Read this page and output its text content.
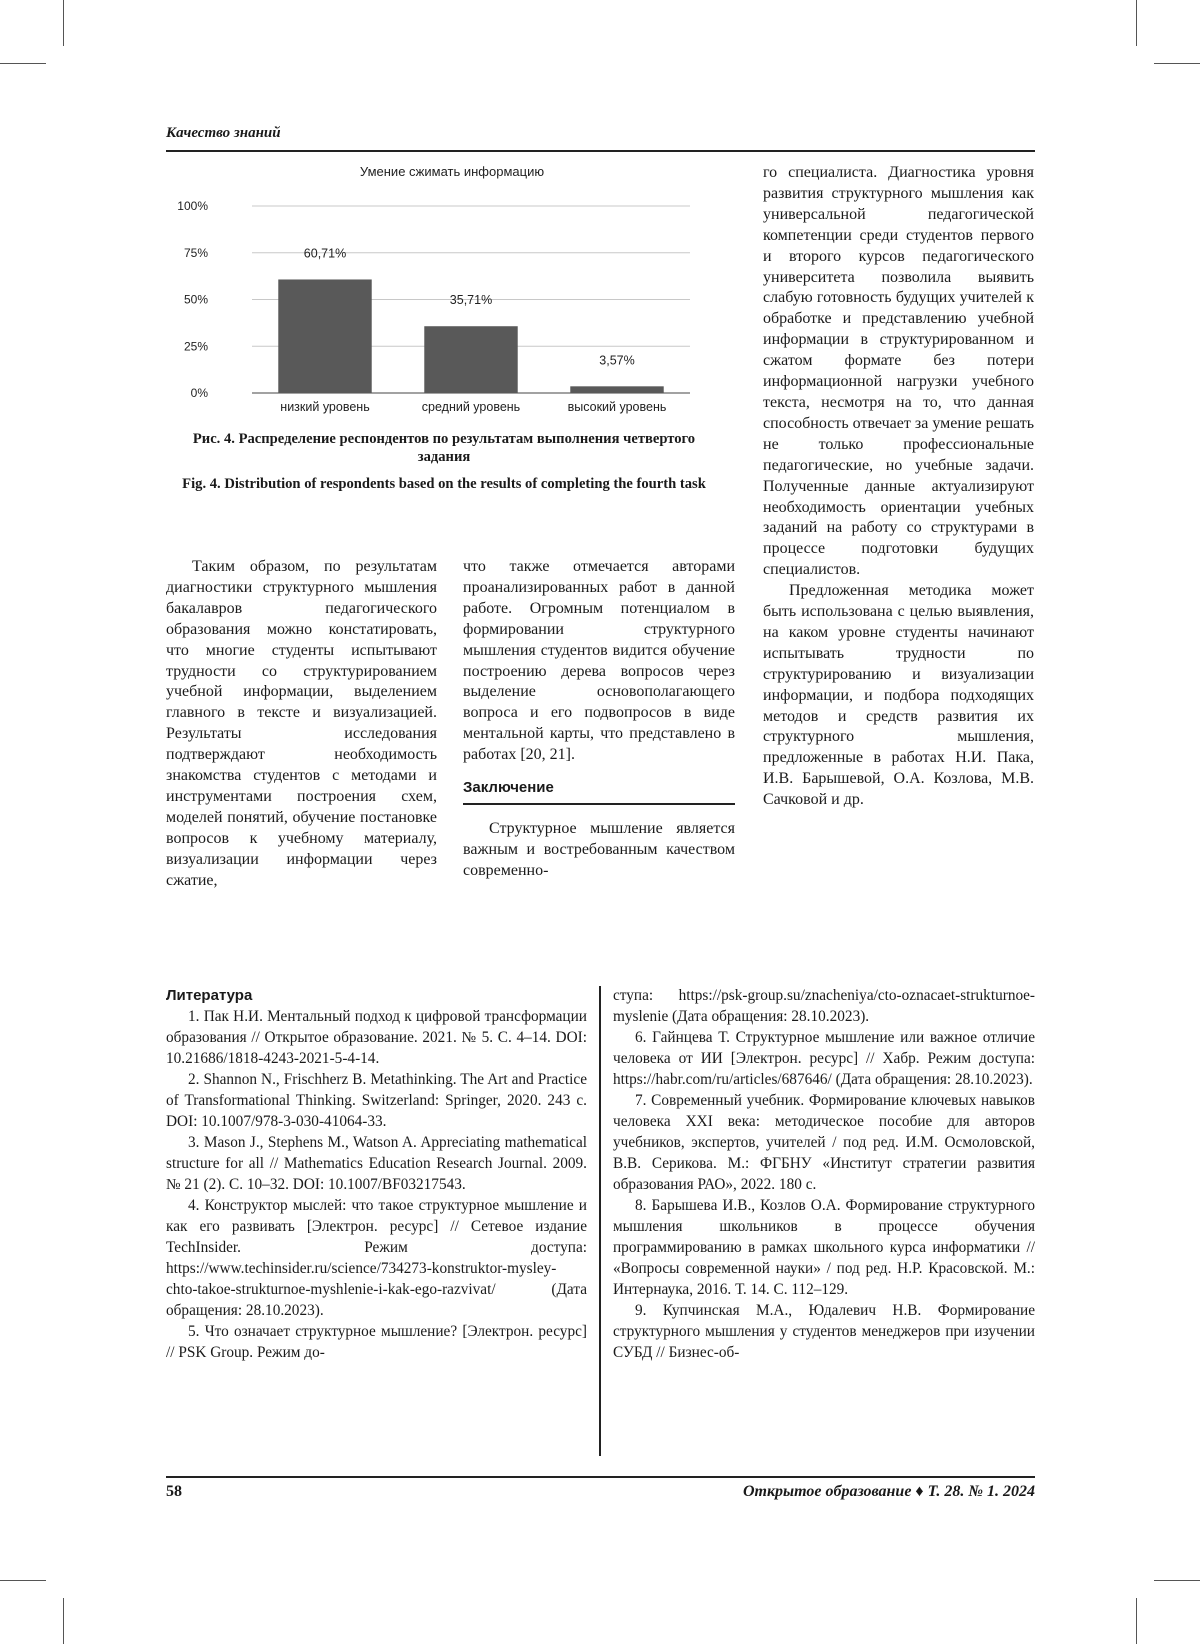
Качество знаний
Умение сжимать информацию
0%
25%
50%
75%
100%
60,71%
низкий уровень
35,71%
средний уровень
3,57%
высокий уровень
Рис. 4. Распределение респондентов по результатам выполнения четвертого задания
Fig. 4. Distribution of respondents based on the results of completing the fourth task

Таким образом, по результатам диагностики структурного мышления бакалавров педагогического образования можно констатировать, что многие студенты испытывают трудности со структурированием учебной информации, выделением главного в тексте и визуализацией. Результаты исследования подтверждают необходимость знакомства студентов с методами и инструментами построения схем, моделей понятий, обучение постановке вопросов к учебному материалу, визуализации информации через сжатие,

что также отмечается авторами проанализированных работ в данной работе. Огромным потенциалом в формировании структурного мышления студентов видится обучение построению дерева вопросов через выделение основополагающего вопроса и его подвопросов в виде ментальной карты, что представлено в работах [20, 21].

Заключение

Структурное мышление является важным и востребованным качеством современно-

го специалиста. Диагностика уровня развития структурного мышления как универсальной педагогической компетенции среди студентов первого и второго курсов педагогического университета позволила выявить слабую готовность будущих учителей к обработке и представлению учебной информации в структурированном и сжатом формате без потери информационной нагрузки учебного текста, несмотря на то, что данная способность отвечает за умение решать не только профессиональные педагогические, но учебные задачи. Полученные данные актуализируют необходимость ориентации учебных заданий на работу со структурами в процессе подготовки будущих специалистов.

Предложенная методика может быть использована с целью выявления, на каком уровне студенты начинают испытывать трудности по структурированию и визуализации информации, и подбора подходящих методов и средств развития их структурного мышления, предложенные в работах Н.И. Пака, И.В. Барышевой, О.А. Козлова, М.В. Сачковой и др.

Литература

1. Пак Н.И. Ментальный подход к цифровой трансформации образования // Открытое образование. 2021. № 5. С. 4–14. DOI: 10.21686/1818-4243-2021-5-4-14.

2. Shannon N., Frischherz B. Metathinking. The Art and Practice of Transformational Thinking. Switzerland: Springer, 2020. 243 c. DOI: 10.1007/978-3-030-41064-33.

3. Mason J., Stephens M., Watson A. Appreciating mathematical structure for all // Mathematics Education Research Journal. 2009. № 21 (2). С. 10–32. DOI: 10.1007/BF03217543.

4. Конструктор мыслей: что такое структурное мышление и как его развивать [Электрон. ресурс] // Сетевое издание TechInsider. Режим доступа: https://www.techinsider.ru/science/734273-konstruktor-mysley-chto-takoe-strukturnoe-myshlenie-i-kak-ego-razvivat/ (Дата обращения: 28.10.2023).

5. Что означает структурное мышление? [Электрон. ресурс] // PSK Group. Режим до-

ступа: https://psk-group.su/znacheniya/cto-oznacaet-strukturnoe-myslenie (Дата обращения: 28.10.2023).

6. Гайнцева Т. Структурное мышление или важное отличие человека от ИИ [Электрон. ресурс] // Хабр. Режим доступа: https://habr.com/ru/articles/687646/ (Дата обращения: 28.10.2023).

7. Современный учебник. Формирование ключевых навыков человека XXI века: методическое пособие для авторов учебников, экспертов, учителей / под ред. И.М. Осмоловской, В.В. Серикова. М.: ФГБНУ «Институт стратегии развития образования РАО», 2022. 180 с.

8. Барышева И.В., Козлов О.А. Формирование структурного мышления школьников в процессе обучения программированию в рамках школьного курса информатики // «Вопросы современной науки» / под ред. Н.Р. Красовской. М.: Интернаука, 2016. Т. 14. С. 112–129.

9. Купчинская М.А., Юдалевич Н.В. Формирование структурного мышления у студентов менеджеров при изучении СУБД // Бизнес-об-

58	Открытое образование ♦ Т. 28. № 1. 2024
